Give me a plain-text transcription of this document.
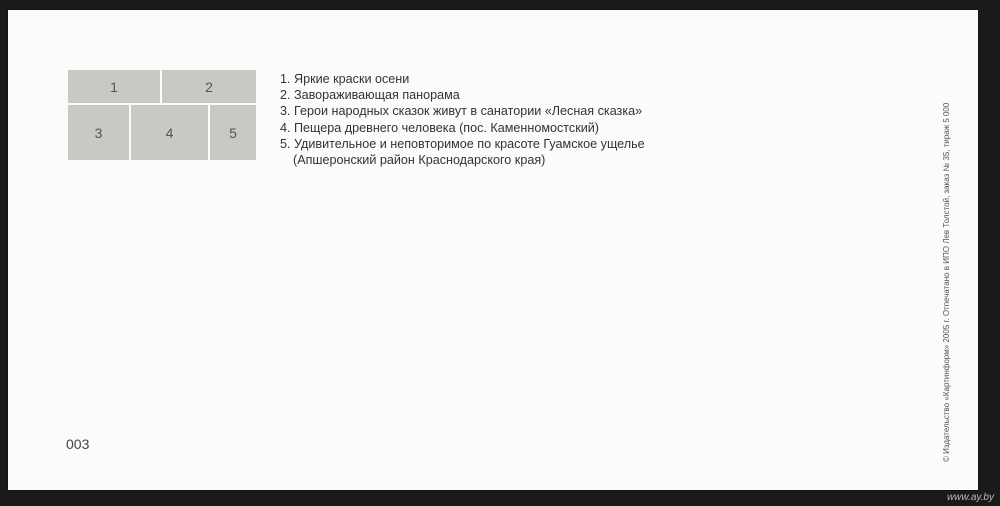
1	2
3	4	5
1. Яркие краски осени
2. Завораживающая панорама
3. Герои народных сказок живут в санатории «Лесная сказка»
4. Пещера древнего человека (пос. Каменномостский)
5. Удивительное и неповторимое по красоте Гуамское ущелье
(Апшеронский район Краснодарского края)
003	© Издательство «Картинформ» 2005 г. Отпечатано в ИПО Лев Толстой, заказ № 35, тираж 5 000
www.ay.by
